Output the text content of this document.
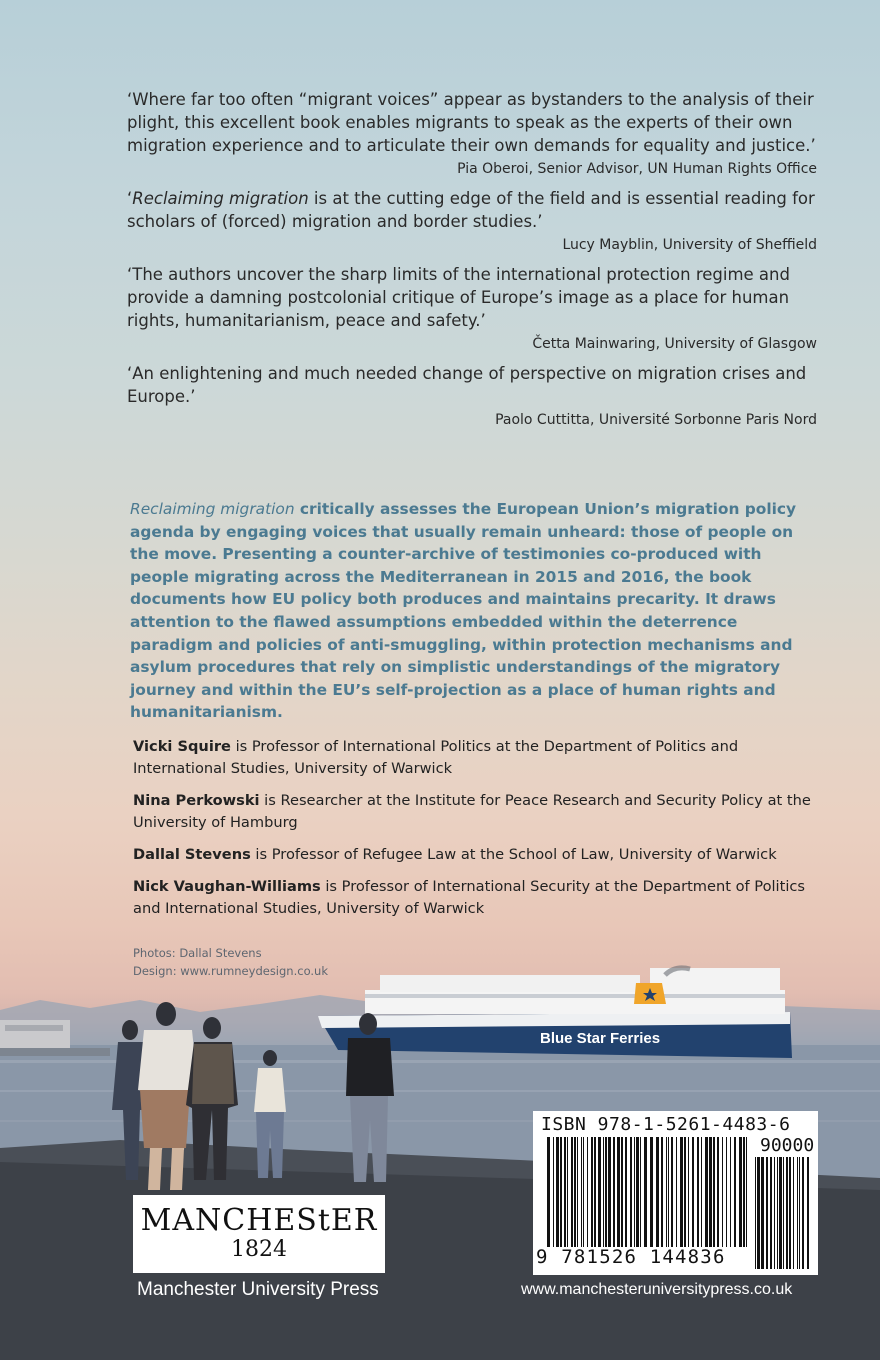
Blue Star Ferries

‘Where far too often “migrant voices” appear as bystanders to the analysis of their plight, this excellent book enables migrants to speak as the experts of their own migration experience and to articulate their own demands for equality and justice.’

Pia Oberoi, Senior Advisor, UN Human Rights Office

‘Reclaiming migration is at the cutting edge of the field and is essential reading for scholars of (forced) migration and border studies.’

Lucy Mayblin, University of Sheffield

‘The authors uncover the sharp limits of the international protection regime and provide a damning postcolonial critique of Europe’s image as a place for human rights, humanitarianism, peace and safety.’

Četta Mainwaring, University of Glasgow

‘An enlightening and much needed change of perspective on migration crises and Europe.’

Paolo Cuttitta, Université Sorbonne Paris Nord

Reclaiming migration critically assesses the European Union’s migration policy agenda by engaging voices that usually remain unheard: those of people on the move. Presenting a counter-archive of testimonies co-produced with people migrating across the Mediterranean in 2015 and 2016, the book documents how EU policy both produces and maintains precarity. It draws attention to the flawed assumptions embedded within the deterrence paradigm and policies of anti-smuggling, within protection mechanisms and asylum procedures that rely on simplistic understandings of the migratory journey and within the EU’s self-projection as a place of human rights and humanitarianism.

Vicki Squire is Professor of International Politics at the Department of Politics and International Studies, University of Warwick

Nina Perkowski is Researcher at the Institute for Peace Research and Security Policy at the University of Hamburg

Dallal Stevens is Professor of Refugee Law at the School of Law, University of Warwick

Nick Vaughan-Williams is Professor of International Security at the Department of Politics and International Studies, University of Warwick

Photos: Dallal Stevens
Design: www.rumneydesign.co.uk
MANCHEStER
1824
Manchester University Press
ISBN 978-1-5261-4483-6
90000
9 781526 144836
www.manchesteruniversitypress.co.uk
